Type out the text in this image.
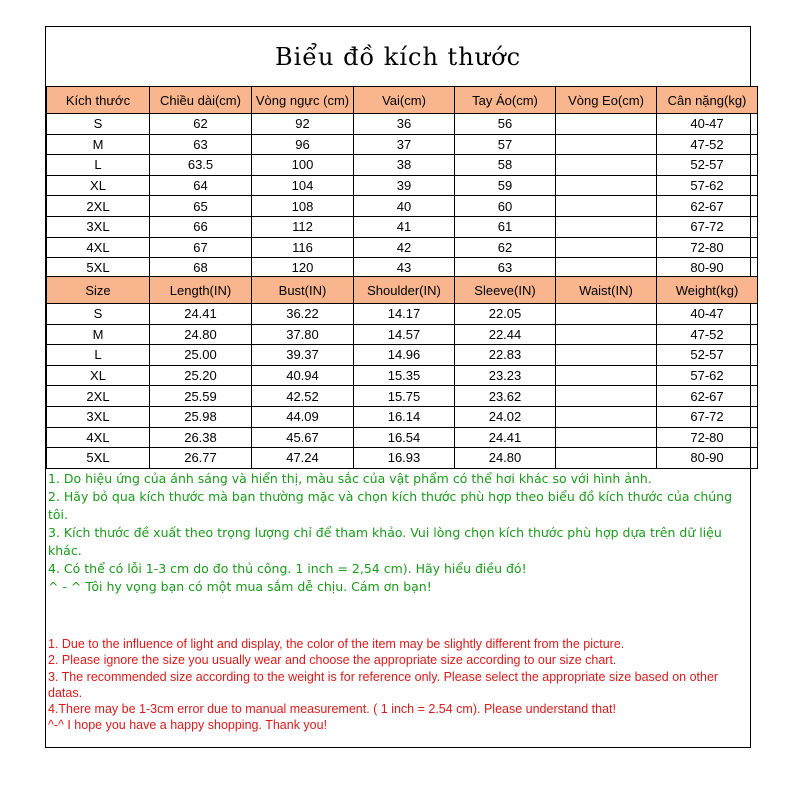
Biểu đồ kích thước
Kích thước	Chiều dài(cm)	Vòng ngực (cm)	Vai(cm)	Tay Áo(cm)	Vòng Eo(cm)	Cân nặng(kg)
S	62	92	36	56		40-47
M	63	96	37	57		47-52
L	63.5	100	38	58		52-57
XL	64	104	39	59		57-62
2XL	65	108	40	60		62-67
3XL	66	112	41	61		67-72
4XL	67	116	42	62		72-80
5XL	68	120	43	63		80-90
Size	Length(IN)	Bust(IN)	Shoulder(IN)	Sleeve(IN)	Waist(IN)	Weight(kg)
S	24.41	36.22	14.17	22.05		40-47
M	24.80	37.80	14.57	22.44		47-52
L	25.00	39.37	14.96	22.83		52-57
XL	25.20	40.94	15.35	23.23		57-62
2XL	25.59	42.52	15.75	23.62		62-67
3XL	25.98	44.09	16.14	24.02		67-72
4XL	26.38	45.67	16.54	24.41		72-80
5XL	26.77	47.24	16.93	24.80		80-90
1. Do hiệu ứng của ánh sáng và hiển thị, màu sắc của vật phẩm có thể hơi khác so với hình ảnh.
2. Hãy bỏ qua kích thước mà bạn thường mặc và chọn kích thước phù hợp theo biểu đồ kích thước của chúng tôi.
3. Kích thước đề xuất theo trọng lượng chỉ để tham khảo. Vui lòng chọn kích thước phù hợp dựa trên dữ liệu khác.
4. Có thể có lỗi 1-3 cm do đo thủ công. 1 inch = 2,54 cm). Hãy hiểu điều đó!
^ - ^ Tôi hy vọng bạn có một mua sắm dễ chịu. Cám ơn bạn!
1. Due to the influence of light and display, the color of the item may be slightly different from the picture.
2. Please ignore the size you usually wear and choose the appropriate size according to our size chart.
3. The recommended size according to the weight is for reference only. Please select the appropriate size based on other datas.
4.There may be 1-3cm error due to manual measurement. ( 1 inch = 2.54 cm). Please understand that!
^-^ I hope you have a happy shopping. Thank you!
